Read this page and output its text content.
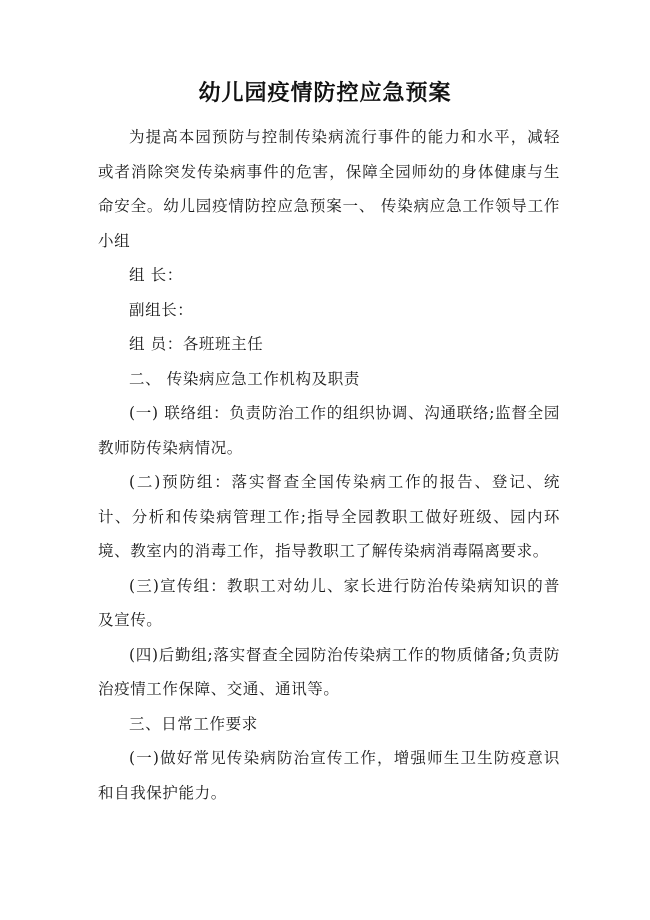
幼儿园疫情防控应急预案

为提高本园预防与控制传染病流行事件的能力和水平，减轻或者消除突发传染病事件的危害，保障全园师幼的身体健康与生命安全。幼儿园疫情防控应急预案一、 传染病应急工作领导工作小组

组 长：

副组长：

组 员：各班班主任

二、 传染病应急工作机构及职责

(一) 联络组：负责防治工作的组织协调、沟通联络;监督全园教师防传染病情况。

(二)预防组：落实督查全国传染病工作的报告、登记、统计、分析和传染病管理工作;指导全园教职工做好班级、园内环境、教室内的消毒工作，指导教职工了解传染病消毒隔离要求。

(三)宣传组：教职工对幼儿、家长进行防治传染病知识的普及宣传。

(四)后勤组;落实督查全园防治传染病工作的物质储备;负责防治疫情工作保障、交通、通讯等。

三、日常工作要求

(一)做好常见传染病防治宣传工作，增强师生卫生防疫意识和自我保护能力。
